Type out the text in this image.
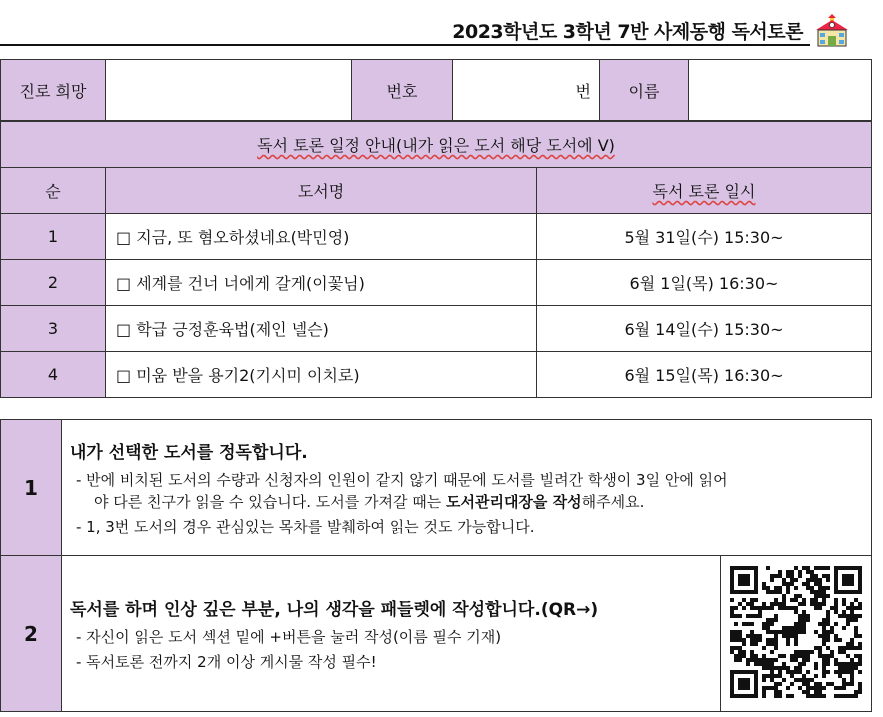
2023학년도 3학년 7반 사제동행 독서토론
진로 희망		번호	번	이름	
독서 토론 일정 안내(내가 읽은 도서 해당 도서에 V)		
순	도서명	독서 토론 일시
1	□ 지금, 또 혐오하셨네요(박민영)	5월 31일(수) 15:30~
2	□ 세계를 건너 너에게 갈게(이꽃님)	6월 1일(목) 16:30~
3	□ 학급 긍정훈육법(제인 넬슨)	6월 14일(수) 15:30~
4	□ 미움 받을 용기2(기시미 이치로)	6월 15일(목) 16:30~
1	내가 선택한 도서를 정독합니다.
- 반에 비치된 도서의 수량과 신청자의 인원이 같지 않기 때문에 도서를 빌려간 학생이 3일 안에 읽어
야 다른 친구가 읽을 수 있습니다. 도서를 가져갈 때는 도서관리대장을 작성해주세요.
- 1, 3번 도서의 경우 관심있는 목차를 발췌하여 읽는 것도 가능합니다.	

2	독서를 하며 인상 깊은 부분, 나의 생각을 패들렛에 작성합니다.(QR→)
- 자신이 읽은 도서 섹션 밑에 +버튼을 눌러 작성(이름 필수 기재)
- 독서토론 전까지 2개 이상 게시물 작성 필수!
